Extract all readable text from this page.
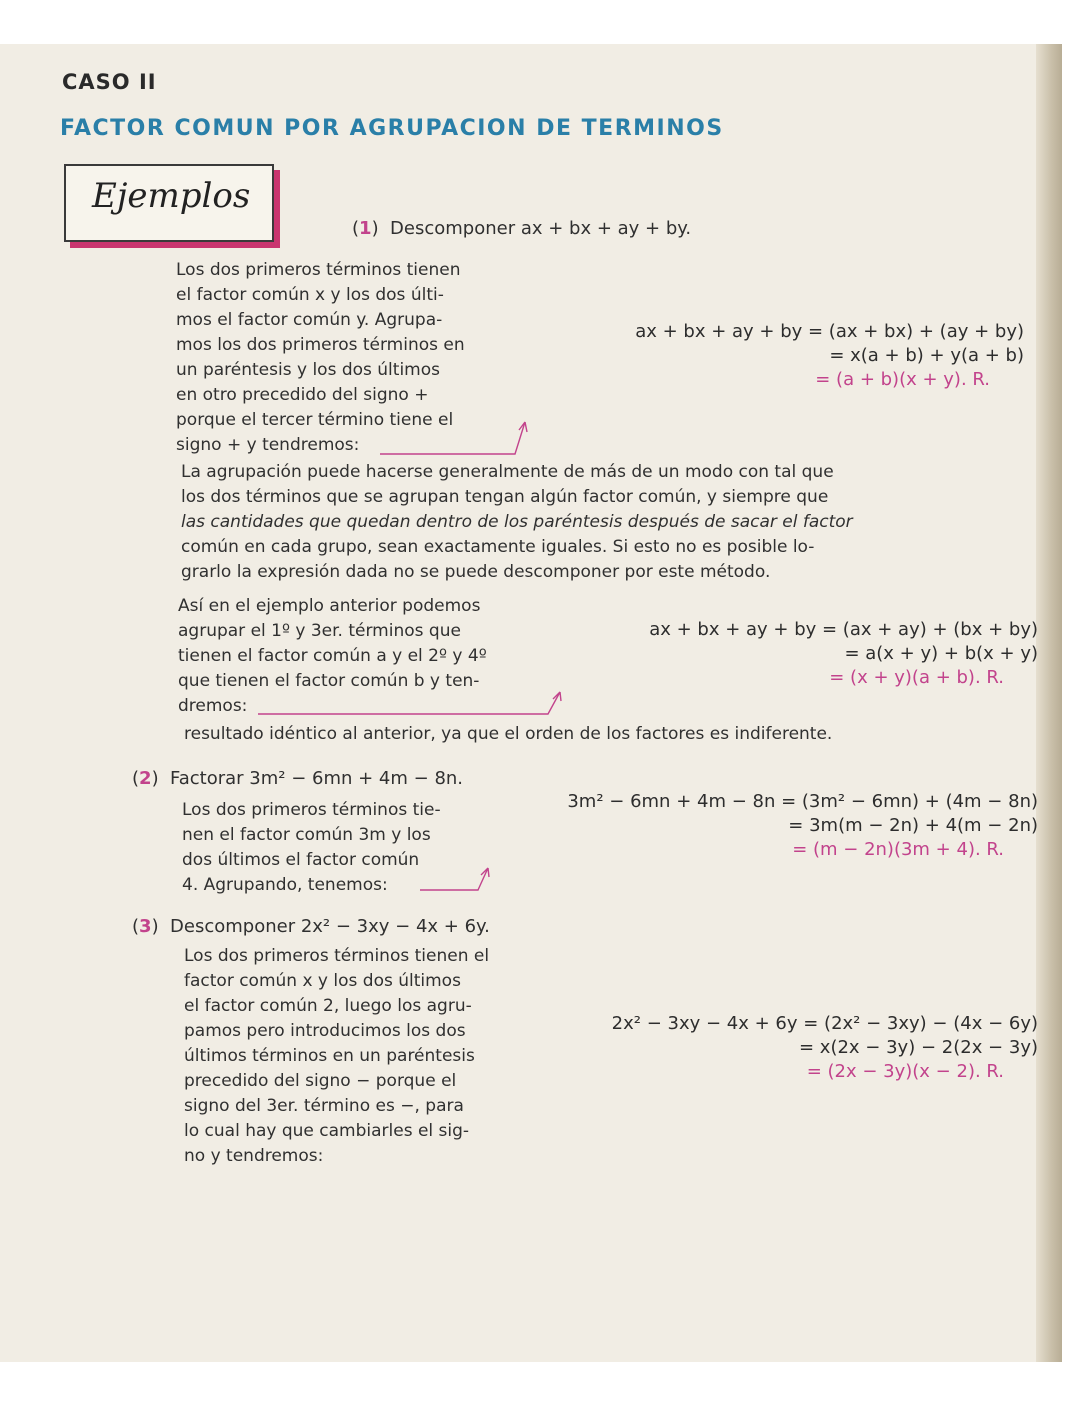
CASO II
FACTOR COMUN POR AGRUPACION DE TERMINOS
Ejemplos
(1)  Descomponer ax + bx + ay + by.

Los dos primeros términos tienen

el factor común x y los dos últi-

mos el factor común y. Agrupa-

mos los dos primeros términos en

un paréntesis y los dos últimos

en otro precedido del signo +

porque el tercer término tiene el

signo + y tendremos:

ax + bx + ay + by = (ax + bx) + (ay + by)
= x(a + b) + y(a + b)
= (a + b)(x + y). R.

La agrupación puede hacerse generalmente de más de un modo con tal que

los dos términos que se agrupan tengan algún factor común, y siempre que

las cantidades que quedan dentro de los paréntesis después de sacar el factor

común en cada grupo, sean exactamente iguales. Si esto no es posible lo-

grarlo la expresión dada no se puede descomponer por este método.

Así en el ejemplo anterior podemos

agrupar el 1º y 3er. términos que

tienen el factor común a y el 2º y 4º

que tienen el factor común b y ten-

dremos:

ax + bx + ay + by = (ax + ay) + (bx + by)
= a(x + y) + b(x + y)
= (x + y)(a + b). R.
resultado idéntico al anterior, ya que el orden de los factores es indiferente.
(2)  Factorar 3m² − 6mn + 4m − 8n.

Los dos primeros términos tie-

nen el factor común 3m y los

dos últimos el factor común

4. Agrupando, tenemos:

3m² − 6mn + 4m − 8n = (3m² − 6mn) + (4m − 8n)
= 3m(m − 2n) + 4(m − 2n)
= (m − 2n)(3m + 4). R.
(3)  Descomponer 2x² − 3xy − 4x + 6y.

Los dos primeros términos tienen el

factor común x y los dos últimos

el factor común 2, luego los agru-

pamos pero introducimos los dos

últimos términos en un paréntesis

precedido del signo − porque el

signo del 3er. término es −, para

lo cual hay que cambiarles el sig-

no y tendremos:

2x² − 3xy − 4x + 6y = (2x² − 3xy) − (4x − 6y)
= x(2x − 3y) − 2(2x − 3y)
= (2x − 3y)(x − 2). R.
